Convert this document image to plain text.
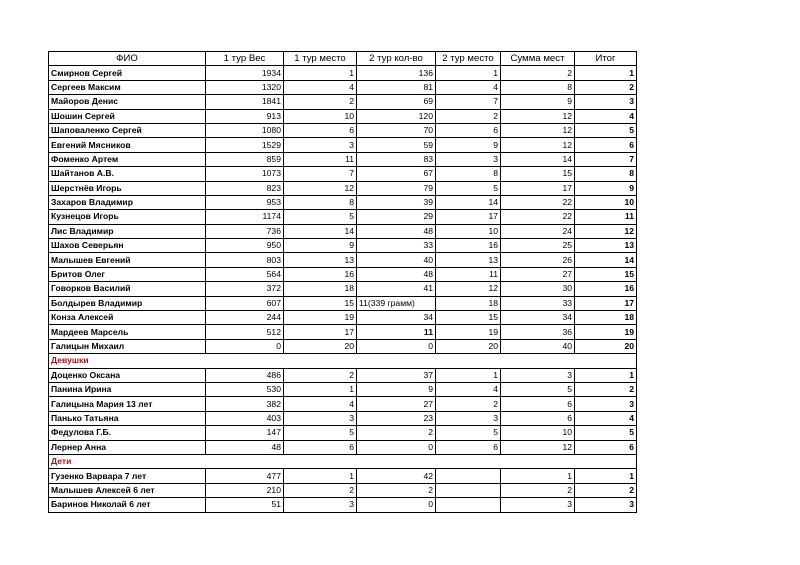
ФИО	1 тур Вес	1 тур место	2 тур кол-во	2 тур место	Сумма мест	Итог
Смирнов Сергей	1934	1	136	1	2	1
Сергеев Максим	1320	4	81	4	8	2
Майоров Денис	1841	2	69	7	9	3
Шошин Сергей	913	10	120	2	12	4
Шаповаленко Сергей	1080	6	70	6	12	5
Евгений Мясников	1529	3	59	9	12	6
Фоменко Артем	859	11	83	3	14	7
Шайтанов А.В.	1073	7	67	8	15	8
Шерстнёв Игорь	823	12	79	5	17	9
Захаров Владимир	953	8	39	14	22	10
Кузнецов Игорь	1174	5	29	17	22	11
Лис Владимир	736	14	48	10	24	12
Шахов Северьян	950	9	33	16	25	13
Малышев Евгений	803	13	40	13	26	14
Бритов Олег	564	16	48	11	27	15
Говорков Василий	372	18	41	12	30	16
Болдырев Владимир	607	15	11(339 грамм)	18	33	17
Конза Алексей	244	19	34	15	34	18
Мардеев Марсель	512	17	11	19	36	19
Галицын Михаил	0	20	0	20	40	20
Девушки						
Доценко Оксана	486	2	37	1	3	1
Панина Ирина	530	1	9	4	5	2
Галицына Мария 13 лет	382	4	27	2	6	3
Панько Татьяна	403	3	23	3	6	4
Федулова Г.Б.	147	5	2	5	10	5
Лернер Анна	48	6	0	6	12	6
Дети						
Гузенко Варвара 7 лет	477	1	42		1	1
Малышев Алексей 6 лет	210	2	2		2	2
Баринов Николай 6 лет	51	3	0		3	3
